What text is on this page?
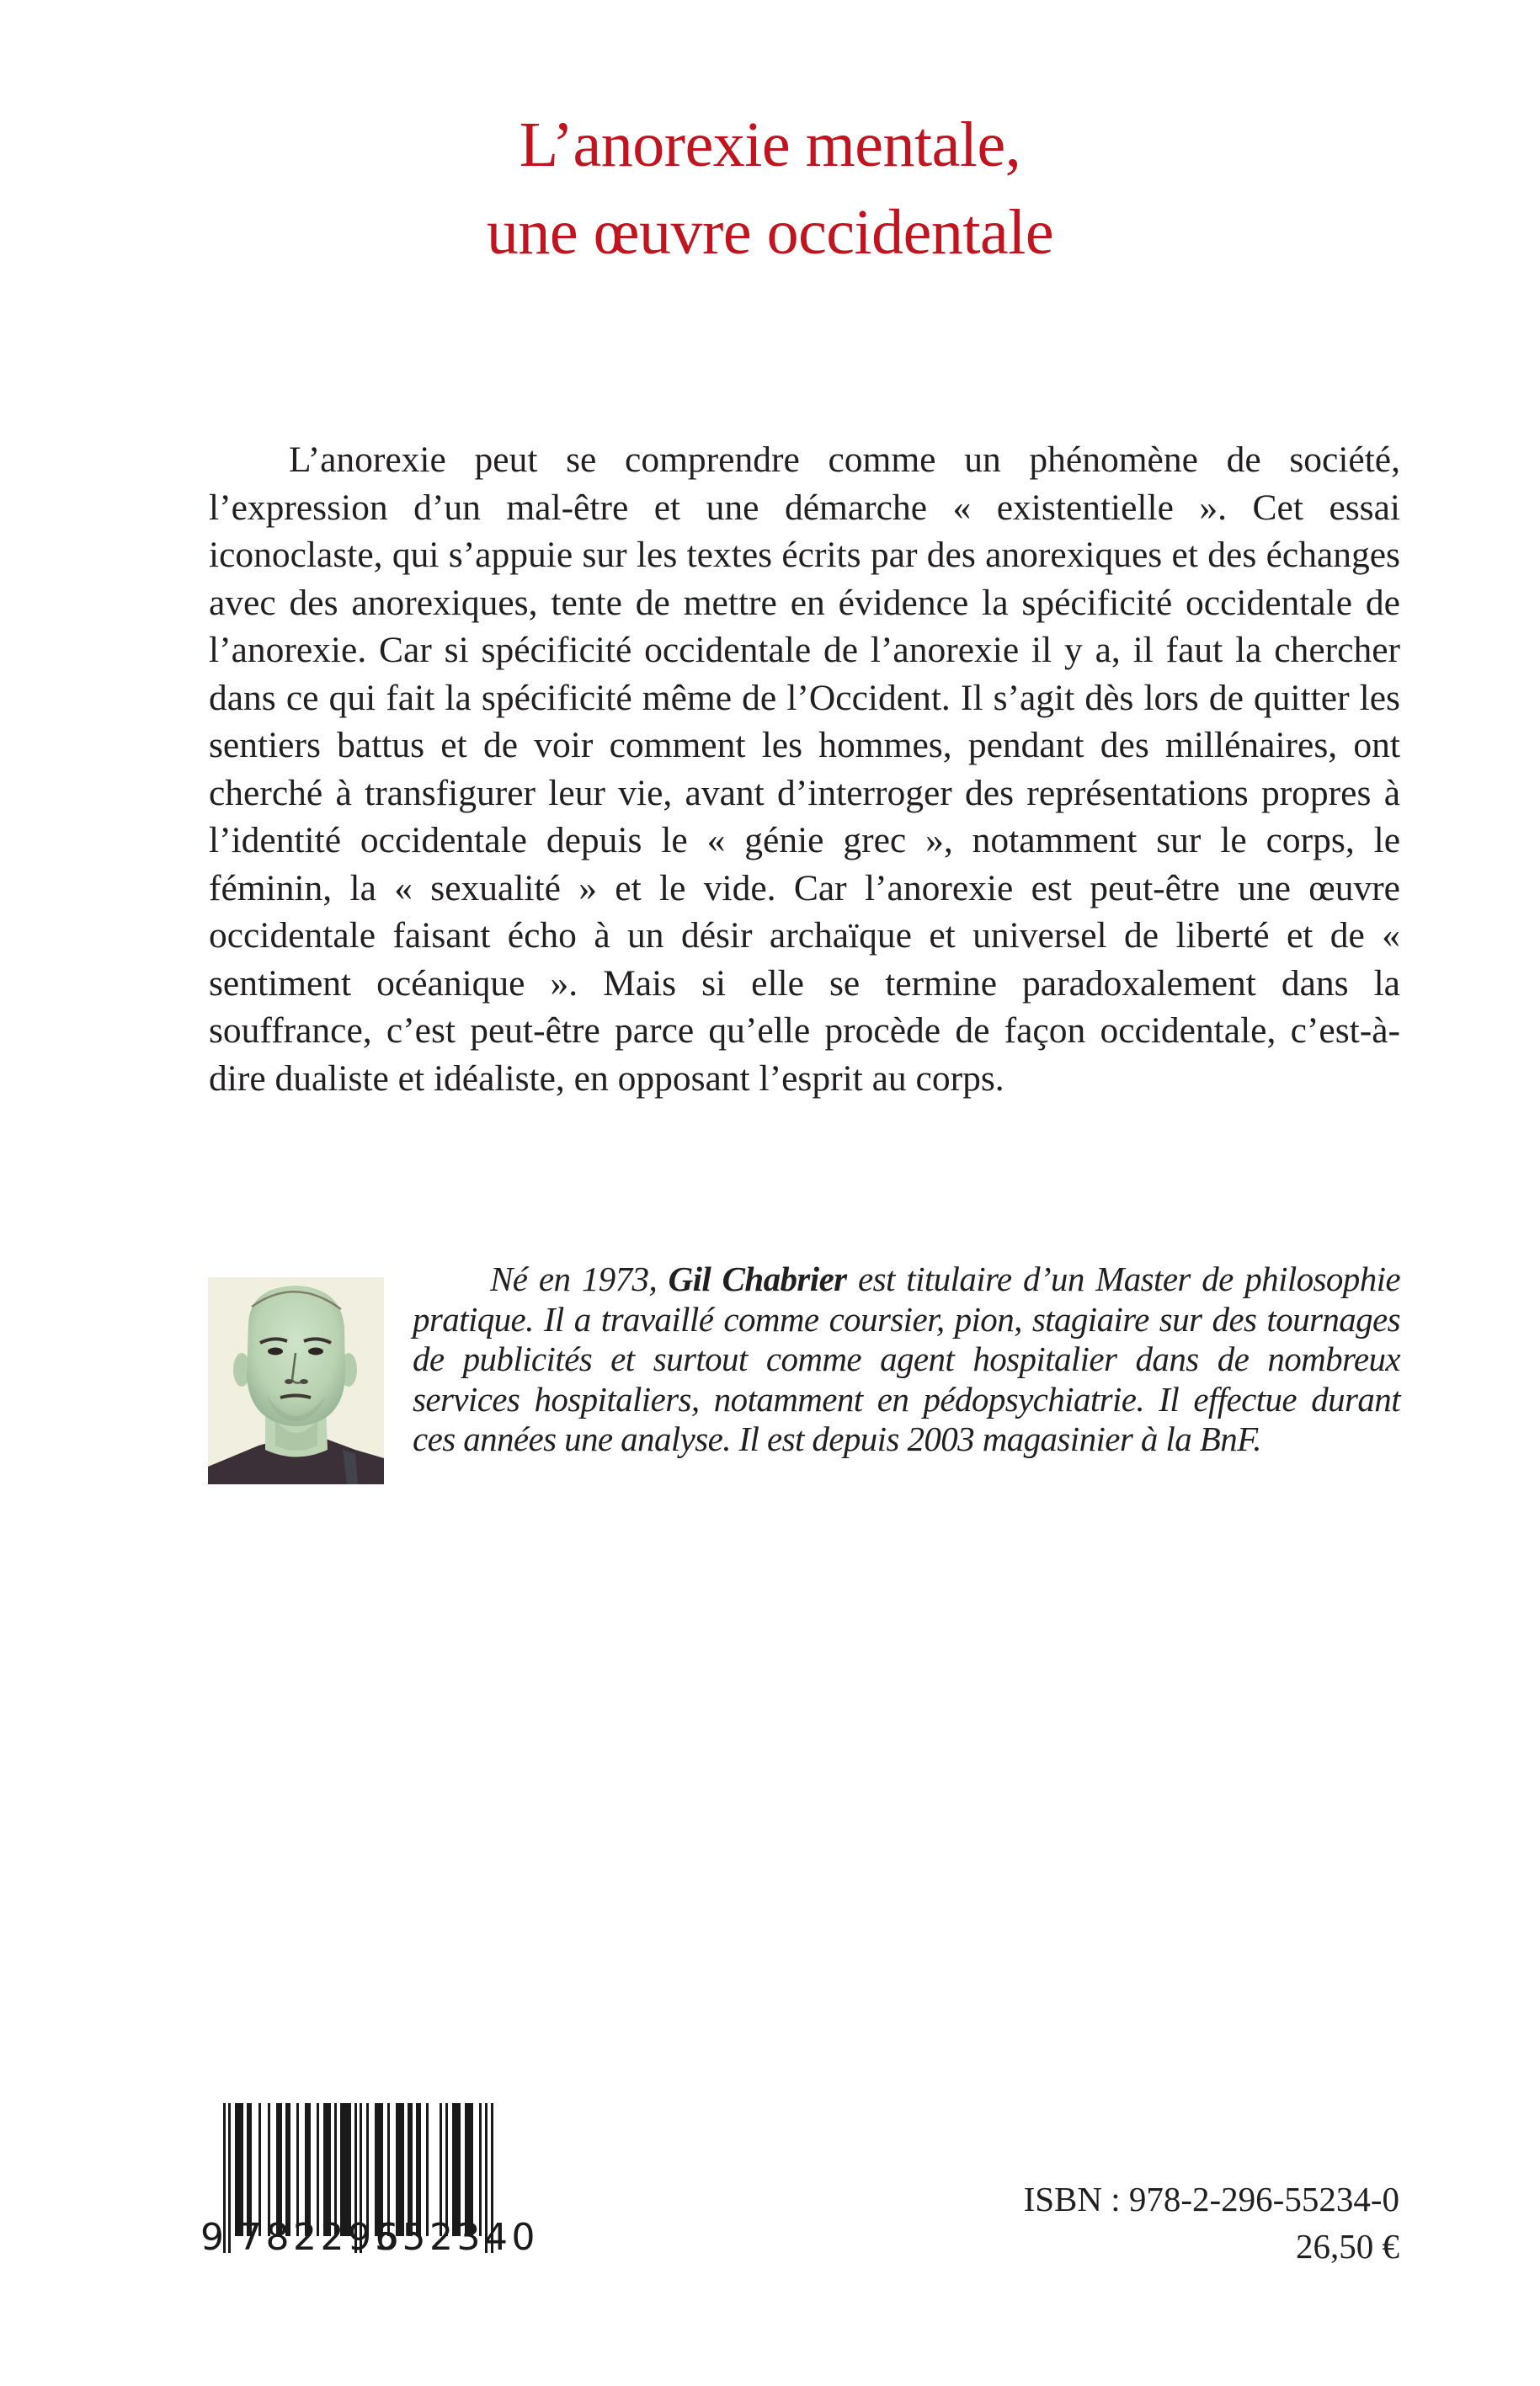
L’anorexie mentale,
une œuvre occidentale

L’anorexie peut se comprendre comme un phénomène de société, l’expression d’un mal-être et une démarche « existentielle ». Cet essai iconoclaste, qui s’appuie sur les textes écrits par des anorexiques et des échanges avec des anorexiques, tente de mettre en évidence la spécificité occidentale de l’anorexie. Car si spécificité occidentale de l’anorexie il y a, il faut la chercher dans ce qui fait la spécificité même de l’Occident. Il s’agit dès lors de quitter les sentiers battus et de voir comment les hommes, pendant des millénaires, ont cherché à transfigurer leur vie, avant d’interroger des représentations propres à l’identité occidentale depuis le « génie grec », notamment sur le corps, le féminin, la « sexualité » et le vide. Car l’anorexie est peut-être une œuvre occidentale faisant écho à un désir archaïque et universel de liberté et de « sentiment océanique ». Mais si elle se termine paradoxalement dans la souffrance, c’est peut-être parce qu’elle procède de façon occidentale, c’est-à-dire dualiste et idéaliste, en opposant l’esprit au corps.

Né en 1973, Gil Chabrier est titulaire d’un Master de philosophie pratique. Il a travaillé comme coursier, pion, stagiaire sur des tournages de publicités et surtout comme agent hospitalier dans de nombreux services hospitaliers, notamment en pédopsychiatrie. Il effectue durant ces années une analyse. Il est depuis 2003 magasinier à la BnF.

9 782296
552340
ISBN : 978-2-296-55234-0
26,50 €
